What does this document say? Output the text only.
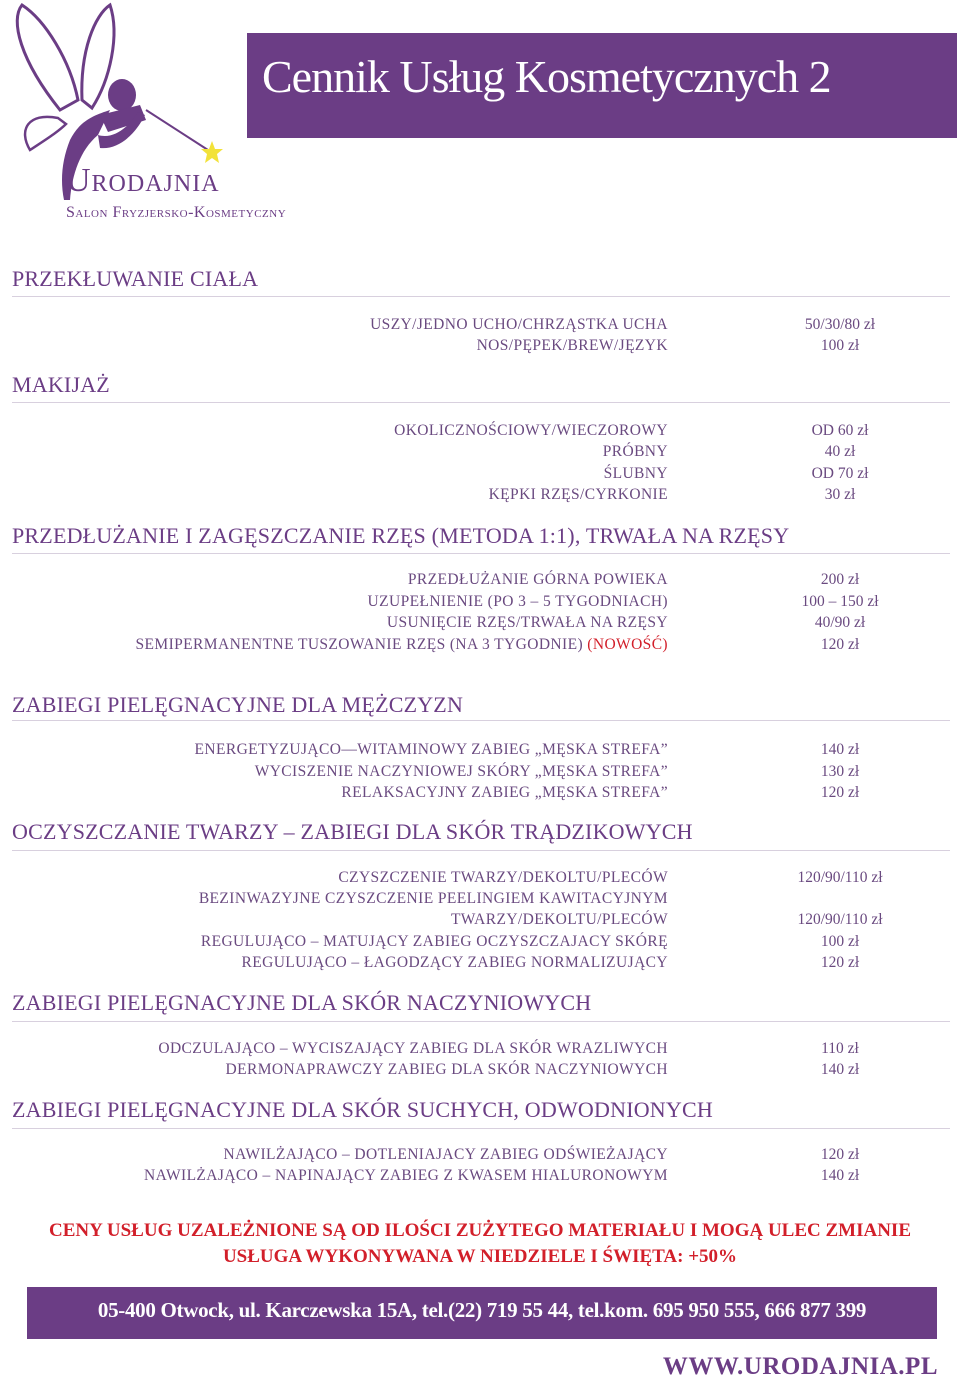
Urodajnia
Salon Fryzjersko-Kosmetyczny
Cennik Usług Kosmetycznych 2
PRZEKŁUWANIE CIAŁA
USZY/JEDNO UCHO/CHRZĄSTKA UCHA	50/30/80 zł
NOS/PĘPEK/BREW/JĘZYK	100 zł
MAKIJAŻ
OKOLICZNOŚCIOWY/WIECZOROWY	OD 60 zł
PRÓBNY	40 zł
ŚLUBNY	OD 70 zł
KĘPKI RZĘS/CYRKONIE	30 zł
PRZEDŁUŻANIE I ZAGĘSZCZANIE RZĘS (METODA 1:1), TRWAŁA NA RZĘSY
PRZEDŁUŻANIE GÓRNA POWIEKA	200 zł
UZUPEŁNIENIE (PO 3 – 5 TYGODNIACH)	100 – 150 zł
USUNIĘCIE RZĘS/TRWAŁA NA RZĘSY	40/90 zł
SEMIPERMANENTNE TUSZOWANIE RZĘS (NA 3 TYGODNIE) (NOWOŚĆ)	120 zł
ZABIEGI PIELĘGNACYJNE DLA MĘŻCZYZN
ENERGETYZUJĄCO—WITAMINOWY ZABIEG „MĘSKA STREFA”	140 zł
WYCISZENIE NACZYNIOWEJ SKÓRY „MĘSKA STREFA”	130 zł
RELAKSACYJNY ZABIEG „MĘSKA STREFA”	120 zł
OCZYSZCZANIE TWARZY – ZABIEGI DLA SKÓR TRĄDZIKOWYCH
CZYSZCZENIE TWARZY/DEKOLTU/PLECÓW	120/90/110 zł
BEZINWAZYJNE CZYSZCZENIE PEELINGIEM KAWITACYJNYM
TWARZY/DEKOLTU/PLECÓW	120/90/110 zł
REGULUJĄCO – MATUJĄCY ZABIEG OCZYSZCZAJACY SKÓRĘ	100 zł
REGULUJĄCO – ŁAGODZĄCY ZABIEG NORMALIZUJĄCY	120 zł
ZABIEGI PIELĘGNACYJNE DLA SKÓR NACZYNIOWYCH
ODCZULAJĄCO – WYCISZAJĄCY ZABIEG DLA SKÓR WRAZLIWYCH	110 zł
DERMONAPRAWCZY ZABIEG DLA SKÓR NACZYNIOWYCH	140 zł
ZABIEGI PIELĘGNACYJNE DLA SKÓR SUCHYCH, ODWODNIONYCH
NAWILŻAJĄCO – DOTLENIAJACY ZABIEG ODŚWIEŻAJĄCY	120 zł
NAWILŻAJĄCO – NAPINAJĄCY ZABIEG Z KWASEM HIALURONOWYM	140 zł
CENY USŁUG UZALEŻNIONE SĄ OD ILOŚCI ZUŻYTEGO MATERIAŁU I MOGĄ ULEC ZMIANIE
USŁUGA WYKONYWANA W NIEDZIELE I ŚWIĘTA: +50%
05-400 Otwock, ul. Karczewska 15A, tel.(22) 719 55 44, tel.kom. 695 950 555, 666 877 399
WWW.URODAJNIA.PL
